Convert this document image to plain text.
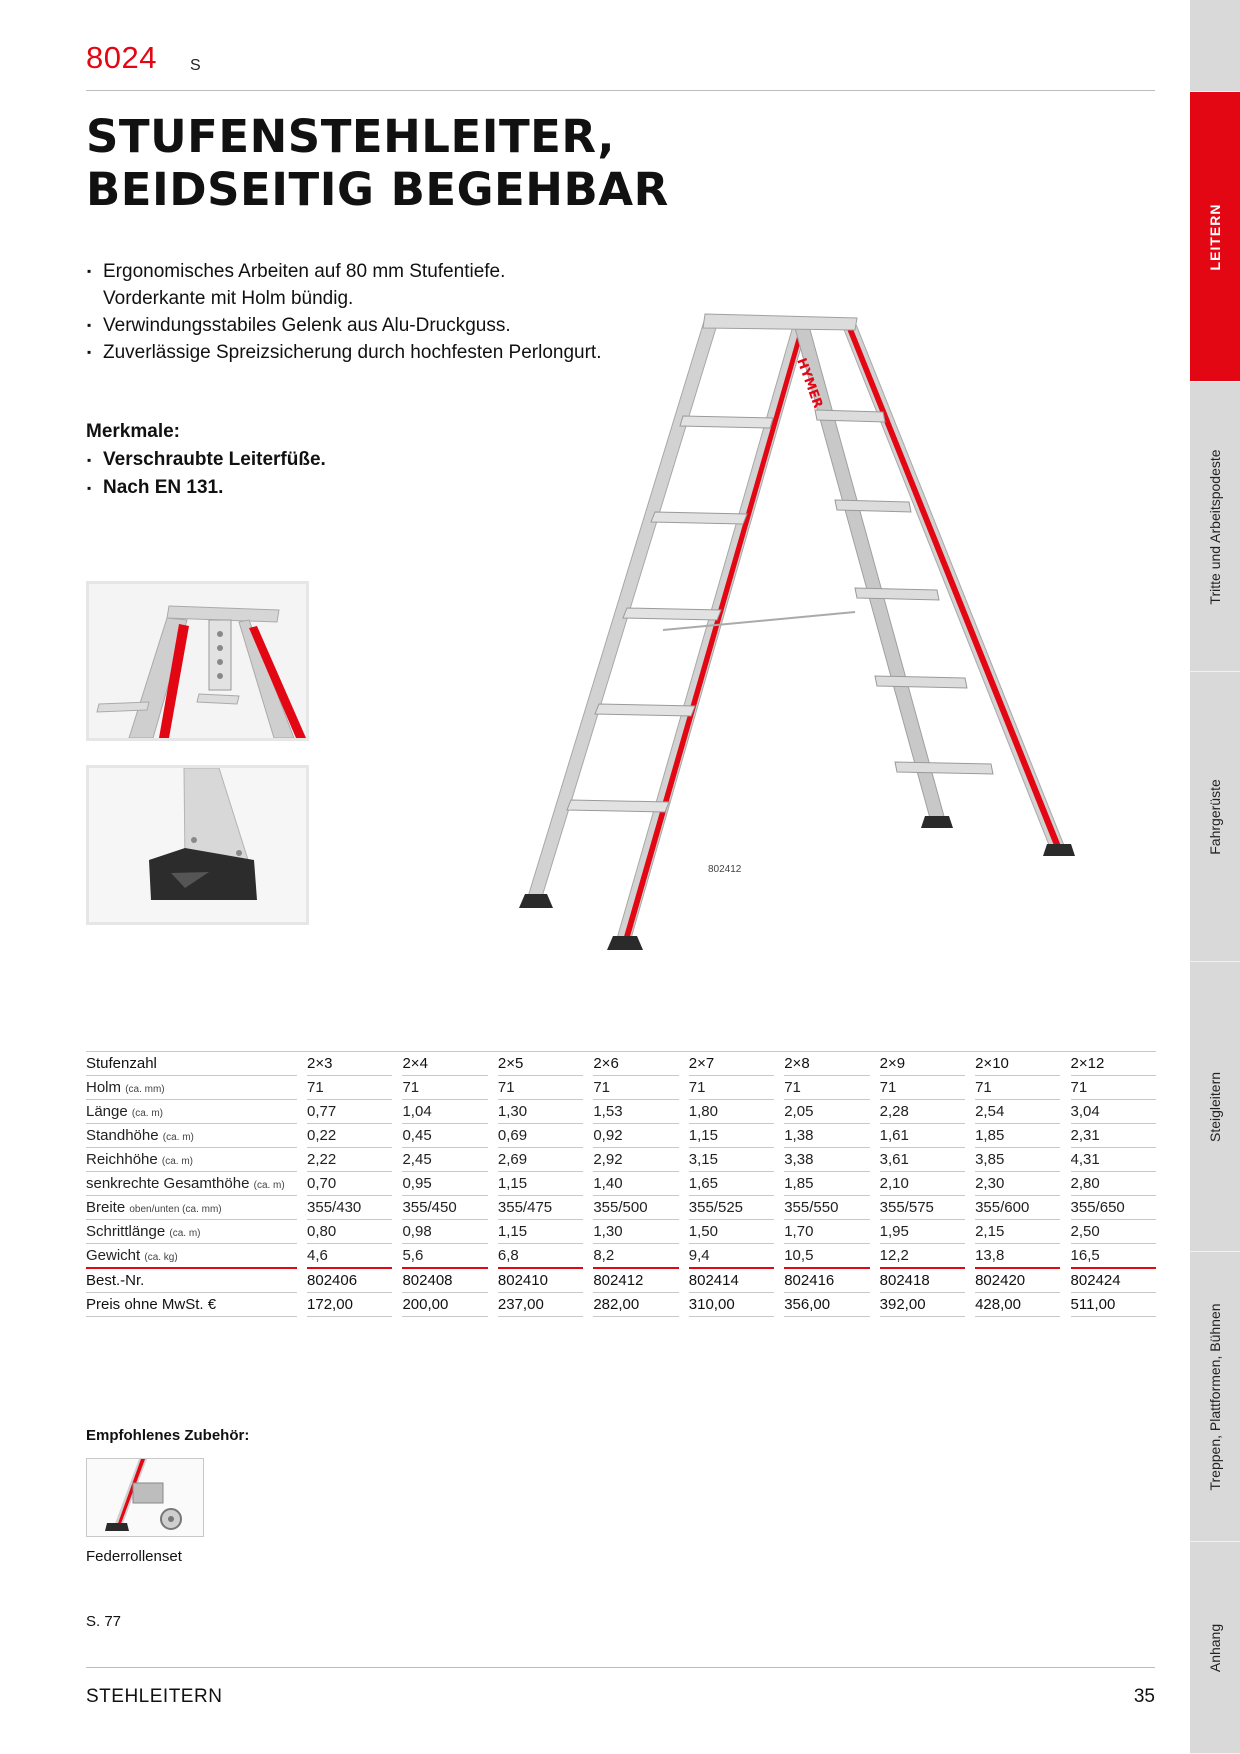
8024 S
STUFENSTEHLEITER,
BEIDSEITIG BEGEHBAR
▪ Ergonomisches Arbeiten auf 80 mm Stufentiefe. Vorderkante mit Holm bündig.
▪ Verwindungsstabiles Gelenk aus Alu-Druckguss.
▪ Zuverlässige Spreizsicherung durch hochfesten Perlongurt.
Merkmale:
▪ Verschraubte Leiterfüße.
▪ Nach EN 131.
HYMER
802412
Stufenzahl		2×3		2×4		2×5		2×6		2×7		2×8		2×9		2×10		2×12
Holm (ca. mm)		71		71		71		71		71		71		71		71		71
Länge (ca. m)		0,77		1,04		1,30		1,53		1,80		2,05		2,28		2,54		3,04
Standhöhe (ca. m)		0,22		0,45		0,69		0,92		1,15		1,38		1,61		1,85		2,31
Reichhöhe (ca. m)		2,22		2,45		2,69		2,92		3,15		3,38		3,61		3,85		4,31
senkrechte Gesamthöhe (ca. m)		0,70		0,95		1,15		1,40		1,65		1,85		2,10		2,30		2,80
Breite oben/unten (ca. mm)		355/430		355/450		355/475		355/500		355/525		355/550		355/575		355/600		355/650
Schrittlänge (ca. m)		0,80		0,98		1,15		1,30		1,50		1,70		1,95		2,15		2,50
Gewicht (ca. kg)		4,6		5,6		6,8		8,2		9,4		10,5		12,2		13,8		16,5
Best.-Nr.		802406		802408		802410		802412		802414		802416		802418		802420		802424
Preis ohne MwSt. €		172,00		200,00		237,00		282,00		310,00		356,00		392,00		428,00		511,00
Empfohlenes Zubehör:
Federrollenset
S. 77
STEHLEITERN	35
LEITERN
Tritte und Arbeitspodeste
Fahrgerüste
Steigleitern
Treppen, Plattformen, Bühnen
Anhang
